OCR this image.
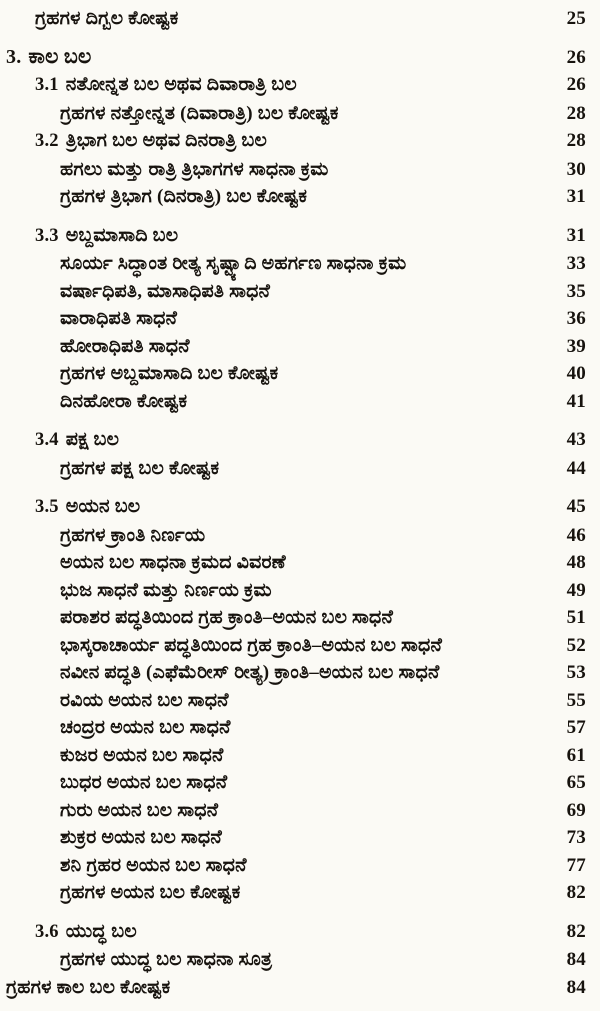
ಗ್ರಹಗಳ ದಿಗ್ಬಲ ಕೋಷ್ಟಕ	25
3. ಕಾಲ ಬಲ	26
3.1 ನತೋನ್ನತ ಬಲ ಅಥವ ದಿವಾರಾತ್ರಿ ಬಲ	26
ಗ್ರಹಗಳ ನತ್ತೋನ್ನತ (ದಿವಾರಾತ್ರಿ) ಬಲ ಕೋಷ್ಟಕ	28
3.2 ತ್ರಿಭಾಗ ಬಲ ಅಥವ ದಿನರಾತ್ರಿ ಬಲ	28
ಹಗಲು ಮತ್ತು ರಾತ್ರಿ ತ್ರಿಭಾಗಗಳ ಸಾಧನಾ ಕ್ರಮ	30
ಗ್ರಹಗಳ ತ್ರಿಭಾಗ (ದಿನರಾತ್ರಿ) ಬಲ ಕೋಷ್ಟಕ	31
3.3 ಅಬ್ದಮಾಸಾದಿ ಬಲ	31
ಸೂರ್ಯ ಸಿದ್ಧಾಂತ ರೀತ್ಯ ಸೃಷ್ಟ್ಯಾದಿ ಅಹರ್ಗಣ ಸಾಧನಾ ಕ್ರಮ	33
ವರ್ಷಾಧಿಪತಿ, ಮಾಸಾಧಿಪತಿ ಸಾಧನೆ	35
ವಾರಾಧಿಪತಿ ಸಾಧನೆ	36
ಹೋರಾಧಿಪತಿ ಸಾಧನೆ	39
ಗ್ರಹಗಳ ಅಬ್ದಮಾಸಾದಿ ಬಲ ಕೋಷ್ಟಕ	40
ದಿನಹೋರಾ ಕೋಷ್ಟಕ	41
3.4 ಪಕ್ಷ ಬಲ	43
ಗ್ರಹಗಳ ಪಕ್ಷ ಬಲ ಕೋಷ್ಟಕ	44
3.5 ಅಯನ ಬಲ	45
ಗ್ರಹಗಳ ಕ್ರಾಂತಿ ನಿರ್ಣಯ	46
ಅಯನ ಬಲ ಸಾಧನಾ ಕ್ರಮದ ವಿವರಣೆ	48
ಭುಜ ಸಾಧನೆ ಮತ್ತು ನಿರ್ಣಯ ಕ್ರಮ	49
ಪರಾಶರ ಪದ್ಧತಿಯಿಂದ ಗ್ರಹ ಕ್ರಾಂತಿ–ಅಯನ ಬಲ ಸಾಧನೆ	51
ಭಾಸ್ಕರಾಚಾರ್ಯ ಪದ್ಧತಿಯಿಂದ ಗ್ರಹ ಕ್ರಾಂತಿ–ಅಯನ ಬಲ ಸಾಧನೆ	52
ನವೀನ ಪದ್ಧತಿ (ಎಫೆಮೆರೀಸ್ ರೀತ್ಯ) ಕ್ರಾಂತಿ–ಅಯನ ಬಲ ಸಾಧನೆ	53
ರವಿಯ ಅಯನ ಬಲ ಸಾಧನೆ	55
ಚಂದ್ರರ ಅಯನ ಬಲ ಸಾಧನೆ	57
ಕುಜರ ಅಯನ ಬಲ ಸಾಧನೆ	61
ಬುಧರ ಅಯನ ಬಲ ಸಾಧನೆ	65
ಗುರು ಅಯನ ಬಲ ಸಾಧನೆ	69
ಶುಕ್ರರ ಅಯನ ಬಲ ಸಾಧನೆ	73
ಶನಿ ಗ್ರಹರ ಅಯನ ಬಲ ಸಾಧನೆ	77
ಗ್ರಹಗಳ ಅಯನ ಬಲ ಕೋಷ್ಟಕ	82
3.6 ಯುದ್ಧ ಬಲ	82
ಗ್ರಹಗಳ ಯುದ್ಧ ಬಲ ಸಾಧನಾ ಸೂತ್ರ	84
ಗ್ರಹಗಳ ಕಾಲ ಬಲ ಕೋಷ್ಟಕ	84
